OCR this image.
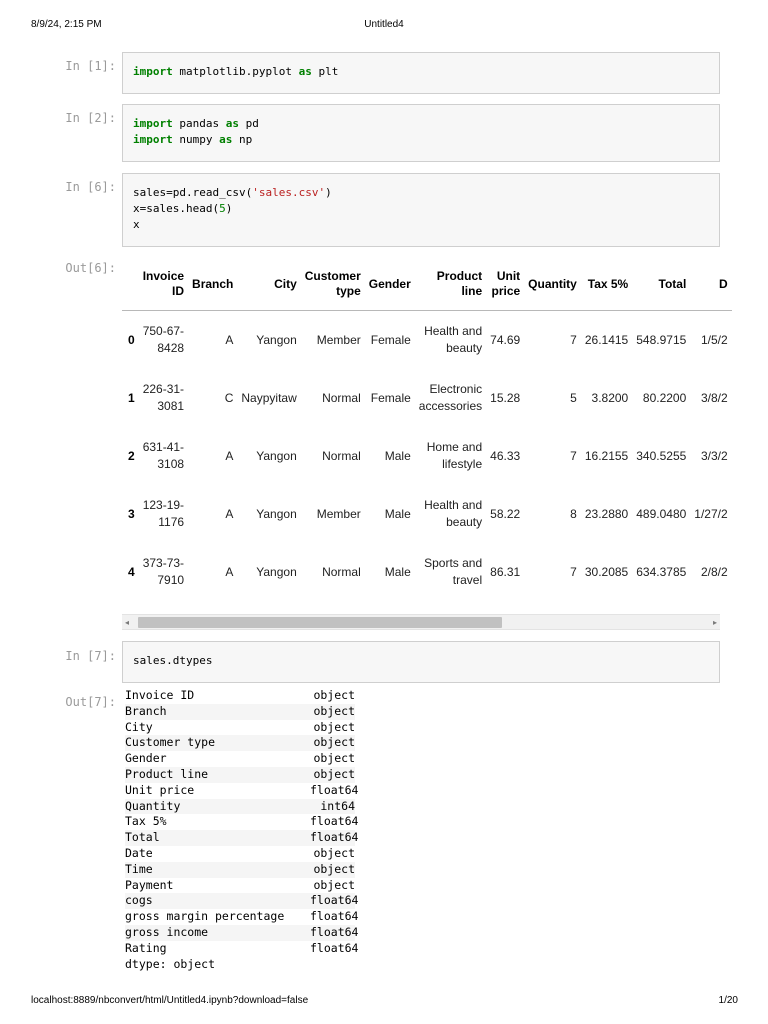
8/9/24, 2:15 PM	Untitled4
In [1]: import matplotlib.pyplot as plt
In [2]: import pandas as pd
import numpy as np
In [6]: sales=pd.read_csv('sales.csv')
x=sales.head(5)
x
Out[6]:
	Invoice ID	Branch	City	Customer type	Gender	Product line	Unit price	Quantity	Tax 5%	Total	D
0	750-67-8428	A	Yangon	Member	Female	Health and beauty	74.69	7	26.1415	548.9715	1/5/2
1	226-31-3081	C	Naypyitaw	Normal	Female	Electronic accessories	15.28	5	3.8200	80.2200	3/8/2
2	631-41-3108	A	Yangon	Normal	Male	Home and lifestyle	46.33	7	16.2155	340.5255	3/3/2
3	123-19-1176	A	Yangon	Member	Male	Health and beauty	58.22	8	23.2880	489.0480	1/27/2
4	373-73-7910	A	Yangon	Normal	Male	Sports and travel	86.31	7	30.2085	634.3785	2/8/2
◂	▸
In [7]: sales.dtypes
Out[7]: Invoice ID	object
Branch	object
City	object
Customer type	object
Gender	object
Product line	object
Unit price	float64
Quantity	int64
Tax 5%	float64
Total	float64
Date	object
Time	object
Payment	object
cogs	float64
gross margin percentage	float64
gross income	float64
Rating	float64
dtype: object
localhost:8889/nbconvert/html/Untitled4.ipynb?download=false	1/20
